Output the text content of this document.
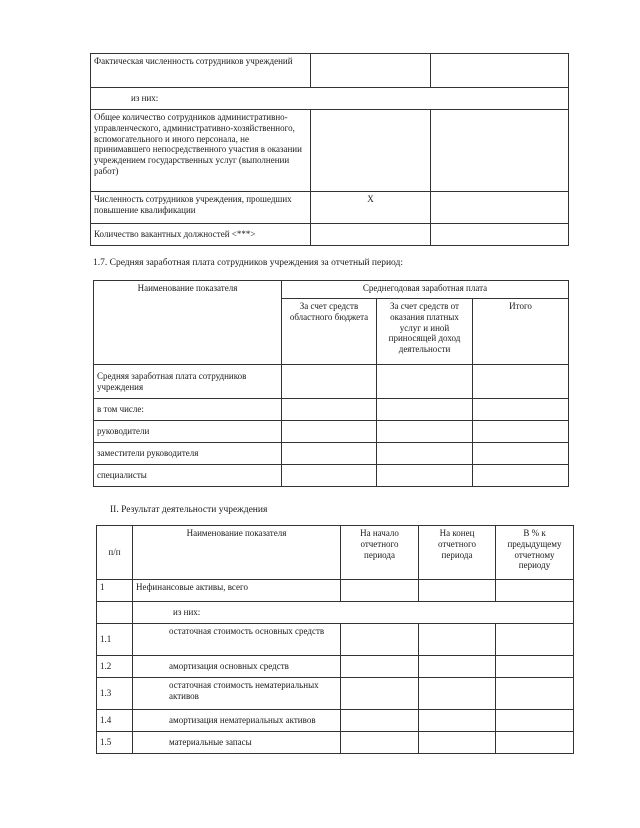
Фактическая численность сотрудников учреждений		
из них:		
Общее количество сотрудников административно-управленческого, административно-хозяйственного, вспомогательного и иного персонала, не принимавшего непосредственного участия в оказании учреждением государственных услуг (выполнении работ)		
Численность сотрудников учреждения, прошедших повышение квалификации	X	
Количество вакантных должностей <***>		
1.7. Средняя заработная плата сотрудников учреждения за отчетный период:
Наименование показателя	Среднегодовая заработная плата		
	За счет средств областного бюджета	За счет средств от оказания платных услуг и иной приносящей доход деятельности	Итого
Средняя заработная плата сотрудников учреждения			
в том числе:			
руководители			
заместители руководителя			
специалисты			
II. Результат деятельности учреждения
п/п	Наименование показателя	На начало отчетного периода	На конец отчетного периода	В % к предыдущему отчетному периоду
1	Нефинансовые активы, всего			
	из них:			
1.1	остаточная стоимость основных средств			
1.2	амортизация основных средств			
1.3	остаточная стоимость нематериальных активов			
1.4	амортизация нематериальных активов			
1.5	материальные запасы			
